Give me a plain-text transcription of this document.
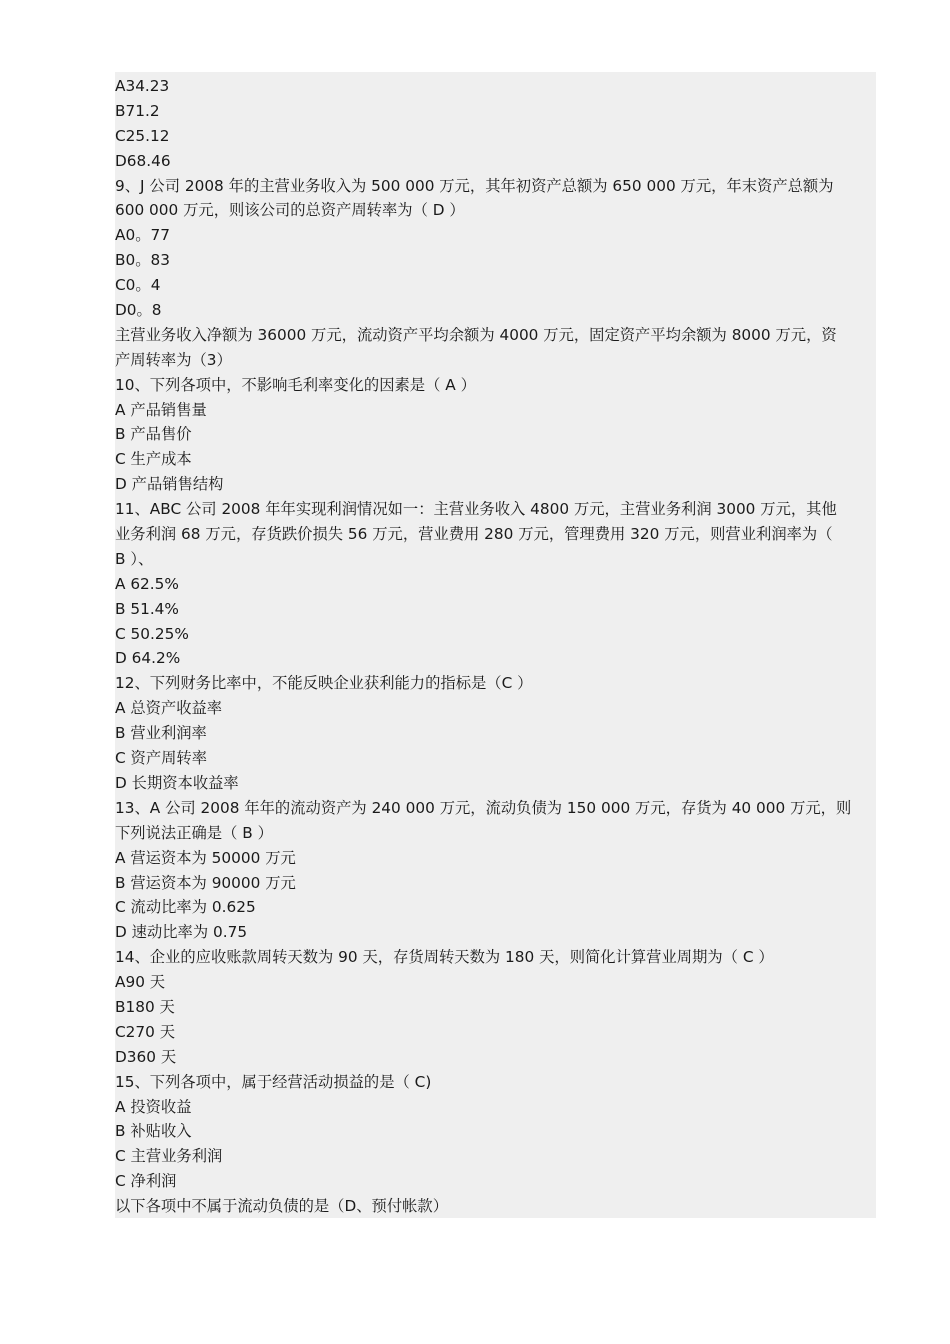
A34.23
B71.2
C25.12
D68.46
9、J 公司 2008 年的主营业务收入为 500 000 万元，其年初资产总额为 650 000 万元，年末资产总额为
600 000 万元，则该公司的总资产周转率为（ D ）
A0。77
B0。83
C0。4
D0。8
主营业务收入净额为 36000 万元，流动资产平均余额为 4000 万元，固定资产平均余额为 8000 万元，资
产周转率为（3）
10、下列各项中，不影响毛利率变化的因素是（ A ）
A 产品销售量
B 产品售价
C 生产成本
D 产品销售结构
11、ABC 公司 2008 年年实现利润情况如一：主营业务收入 4800 万元，主营业务利润 3000 万元，其他
业务利润 68 万元，存货跌价损失 56 万元，营业费用 280 万元，管理费用 320 万元，则营业利润率为（
B ）、
A 62.5%
B 51.4%
C 50.25%
D 64.2%
12、下列财务比率中，不能反映企业获利能力的指标是（C ）
A 总资产收益率
B 营业利润率
C 资产周转率
D 长期资本收益率
13、A 公司 2008 年年的流动资产为 240 000 万元，流动负债为 150 000 万元，存货为 40 000 万元，则
下列说法正确是（ B ）
A 营运资本为 50000 万元
B 营运资本为 90000 万元
C 流动比率为 0.625
D 速动比率为 0.75
14、企业的应收账款周转天数为 90 天，存货周转天数为 180 天，则简化计算营业周期为（ C ）
A90 天
B180 天
C270 天
D360 天
15、下列各项中，属于经营活动损益的是（ C)
A 投资收益
B 补贴收入
C 主营业务利润
C 净利润
以下各项中不属于流动负债的是（D、预付帐款）
